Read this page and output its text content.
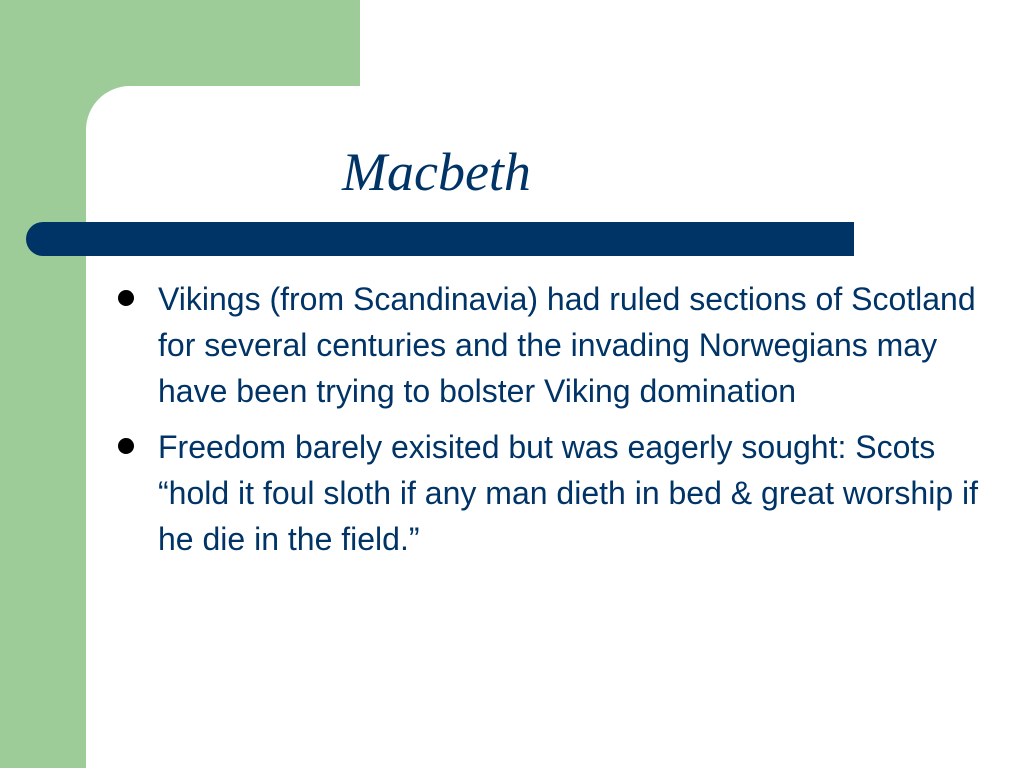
Macbeth
Vikings (from Scandinavia) had ruled sections of Scotland for several centuries and the invading Norwegians may have been trying to bolster Viking domination
Freedom barely exisited but was eagerly sought: Scots “hold it foul sloth if any man dieth in bed & great worship if he die in the field.”
